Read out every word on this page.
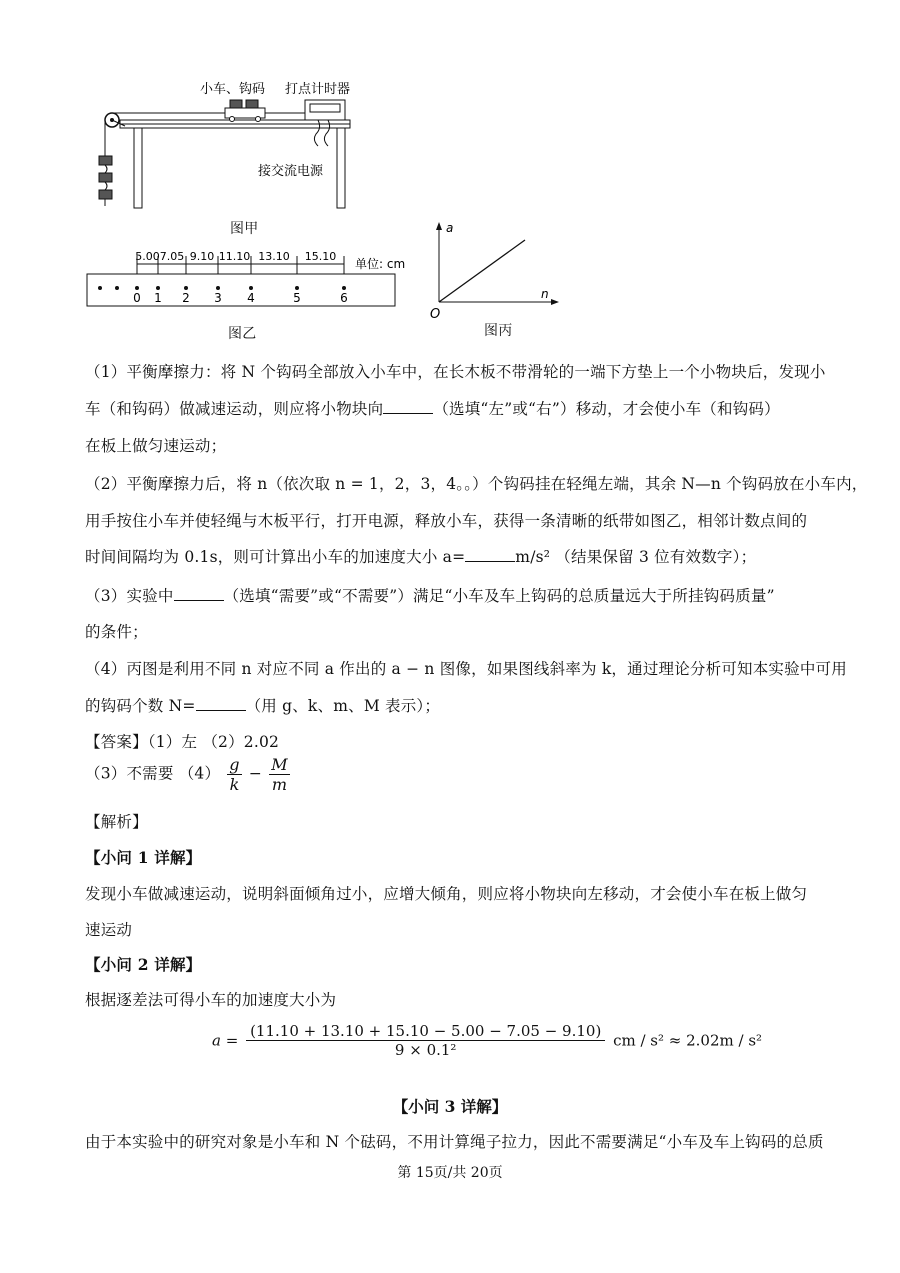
小车、钩码 打点计时器
接交流电源
图甲
0 1 2 3 4	5	6
5.00 7.05 9.10 11.10 13.10 15.10
单位: cm
图乙
a
n
O
图丙
（1）平衡摩擦力：将 N 个钩码全部放入小车中，在长木板不带滑轮的一端下方垫上一个小物块后，发现小
车（和钩码）做减速运动，则应将小物块向	（选填“左”或“右”）移动，才会使小车（和钩码）
在板上做匀速运动；
（2）平衡摩擦力后，将 n（依次取 n = 1，2，3，4。。）个钩码挂在轻绳左端，其余 N—n 个钩码放在小车内，
用手按住小车并使轻绳与木板平行，打开电源，释放小车，获得一条清晰的纸带如图乙，相邻计数点间的
时间间隔均为 0.1s，则可计算出小车的加速度大小 a=	m/s² （结果保留 3 位有效数字）；
（3）实验中	（选填“需要”或“不需要”）满足“小车及车上钩码的总质量远大于所挂钩码质量”
的条件；
（4）丙图是利用不同 n 对应不同 a 作出的 a − n 图像，如果图线斜率为 k，通过理论分析可知本实验中可用
的钩码个数 N=	（用 g、k、m、M 表示）；
【答案】（1）左 （2）2.02
（3）不需要 $(4) \frac{g}{k} - \frac{M}{m}$
【解析】
【小问 1 详解】
发现小车做减速运动，说明斜面倾角过小，应增大倾角，则应将小物块向左移动，才会使小车在板上做匀
速运动
【小问 2 详解】
根据逐差法可得小车的加速度大小为
$a = \frac{(11.10 + 13.10 + 15.10 - 5.00 - 7.05 - 9.10)}{\text{9 × 0.1²}}$ cm / s² ≈ 2.02m / s²
【小问 3 详解】
由于本实验中的研究对象是小车和 N 个砝码，不用计算绳子拉力，因此不需要满足“小车及车上钩码的总质
第 15页/共 20页
